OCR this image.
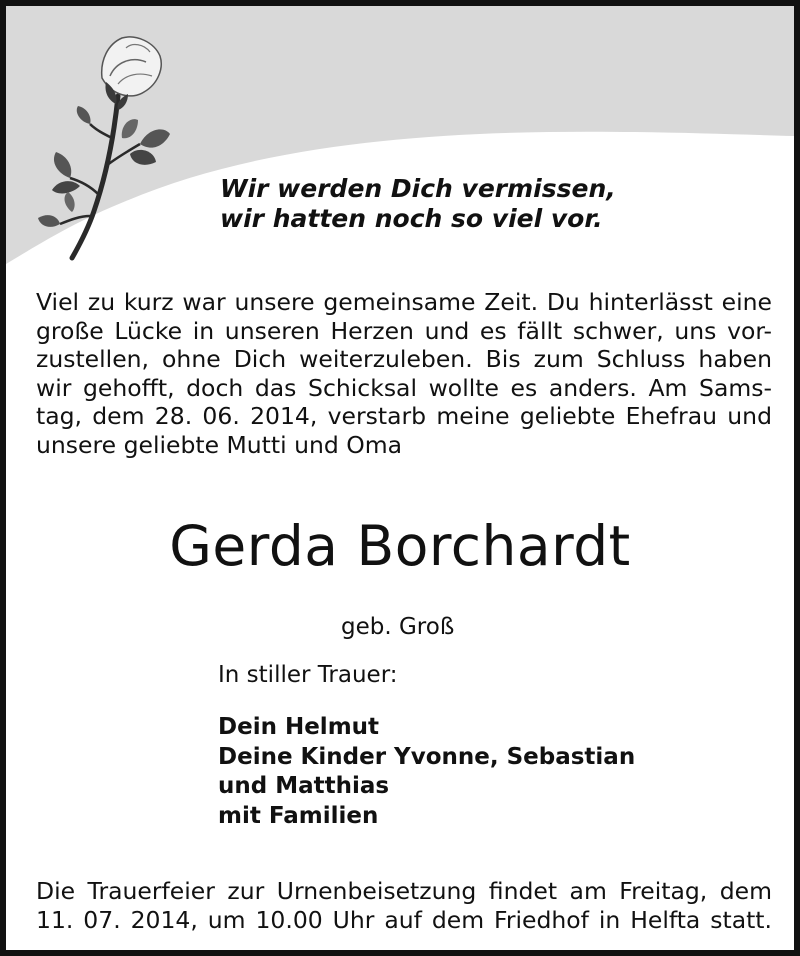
Wir werden Dich vermissen,
wir hatten noch so viel vor.

Viel zu kurz war unsere gemeinsame Zeit. Du hinterlässt eine
große Lücke in unseren Herzen und es fällt schwer, uns vor-
zustellen, ohne Dich weiterzuleben. Bis zum Schluss haben
wir gehofft, doch das Schicksal wollte es anders. Am Sams-
tag, dem 28. 06. 2014, verstarb meine geliebte Ehefrau und
unsere geliebte Mutti und Oma

Gerda Borchardt

geb. Groß

In stiller Trauer:

Dein Helmut
Deine Kinder Yvonne, Sebastian
und Matthias
mit Familien

Die Trauerfeier zur Urnenbeisetzung findet am Freitag, dem
11. 07. 2014, um 10.00 Uhr auf dem Friedhof in Helfta statt.
